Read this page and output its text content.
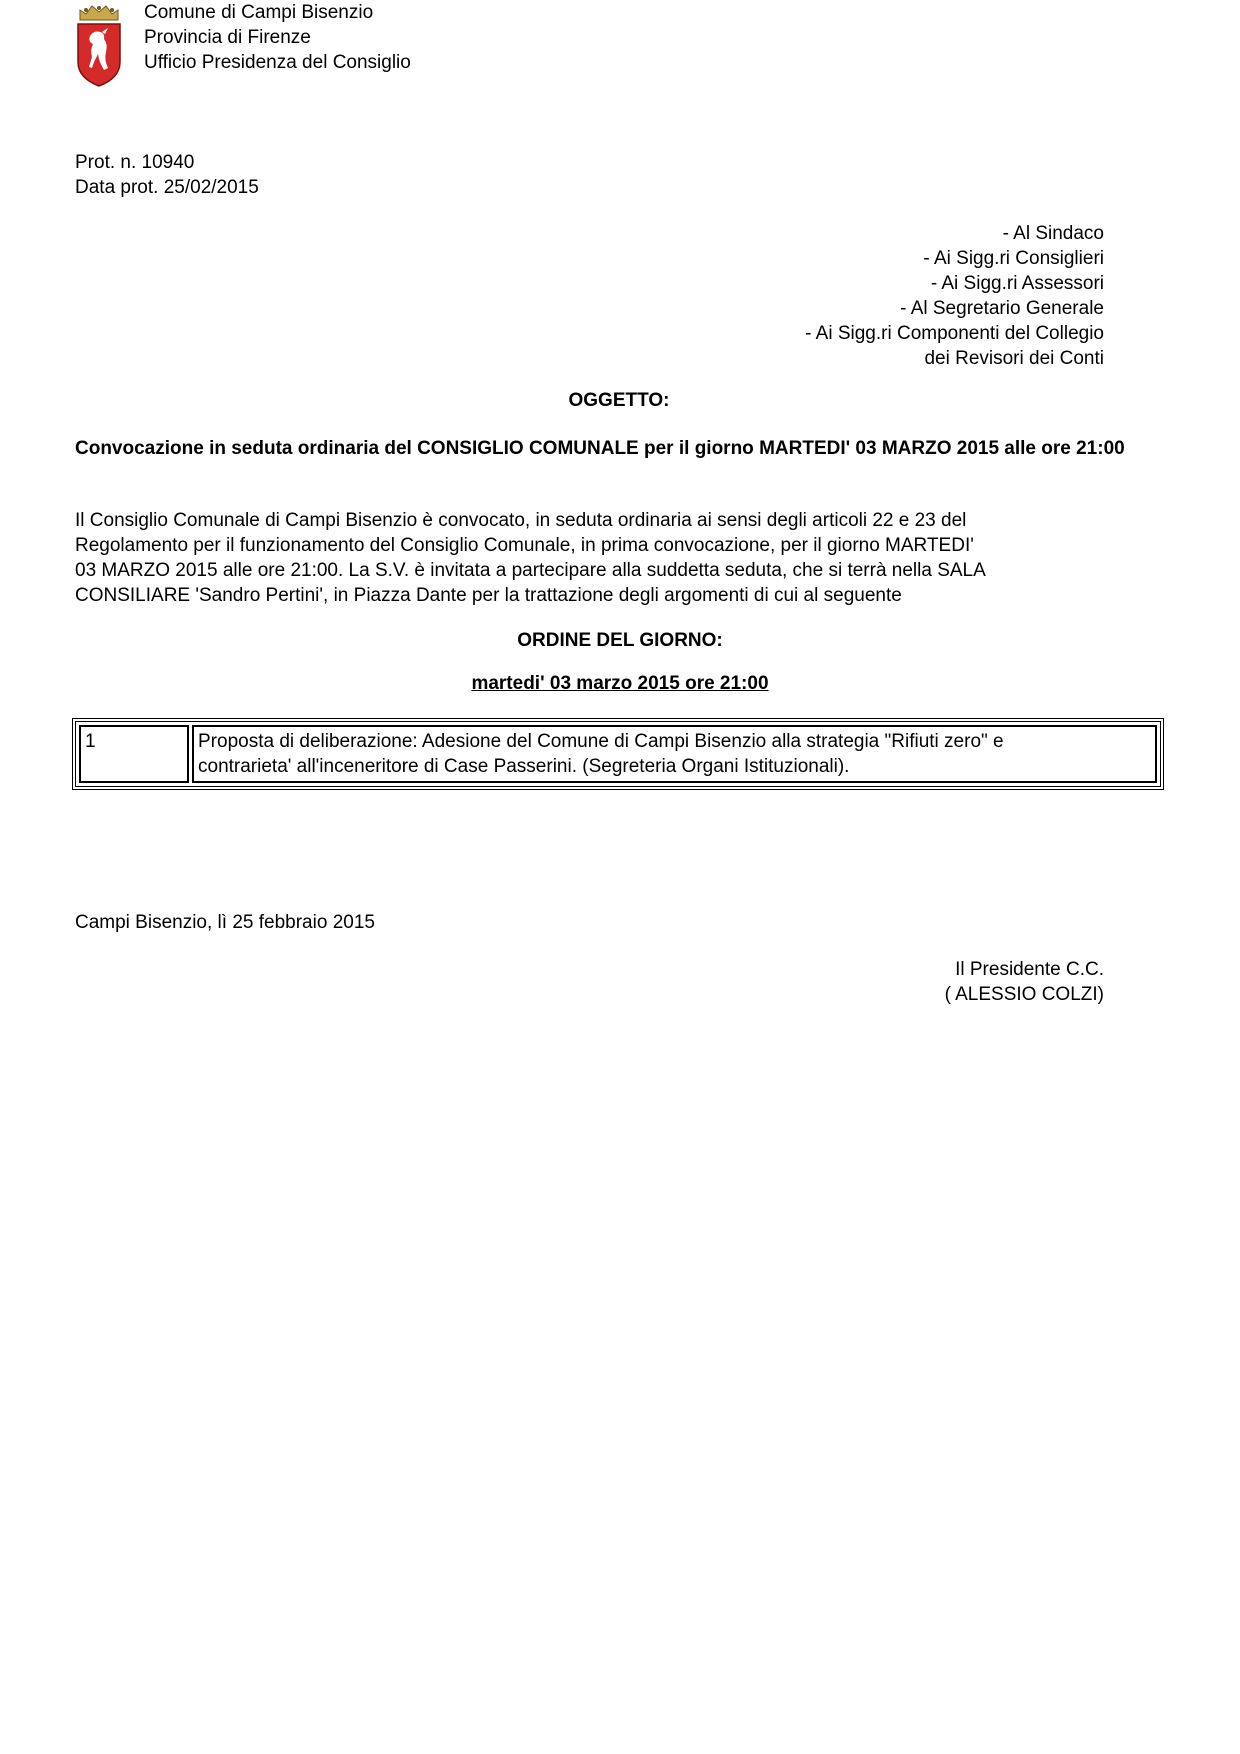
Comune di Campi Bisenzio
Provincia di Firenze
Ufficio Presidenza del Consiglio
Prot. n. 10940
Data prot. 25/02/2015
- Al Sindaco
- Ai Sigg.ri Consiglieri
- Ai Sigg.ri Assessori
- Al Segretario Generale
- Ai Sigg.ri Componenti del Collegio
dei Revisori dei Conti
OGGETTO:
Convocazione in seduta ordinaria del CONSIGLIO COMUNALE per il giorno MARTEDI' 03 MARZO 2015 alle ore 21:00
Il Consiglio Comunale di Campi Bisenzio è convocato, in seduta ordinaria ai sensi degli articoli 22 e 23 del
Regolamento per il funzionamento del Consiglio Comunale, in prima convocazione, per il giorno MARTEDI'
03 MARZO 2015 alle ore 21:00. La S.V. è invitata a partecipare alla suddetta seduta, che si terrà nella SALA
CONSILIARE 'Sandro Pertini', in Piazza Dante per la trattazione degli argomenti di cui al seguente
ORDINE DEL GIORNO:
martedi' 03 marzo 2015 ore 21:00
1	Proposta di deliberazione: Adesione del Comune di Campi Bisenzio alla strategia "Rifiuti zero" e
contrarieta' all'inceneritore di Case Passerini. (Segreteria Organi Istituzionali).
Campi Bisenzio, lì 25 febbraio 2015
Il Presidente C.C.
( ALESSIO COLZI)
